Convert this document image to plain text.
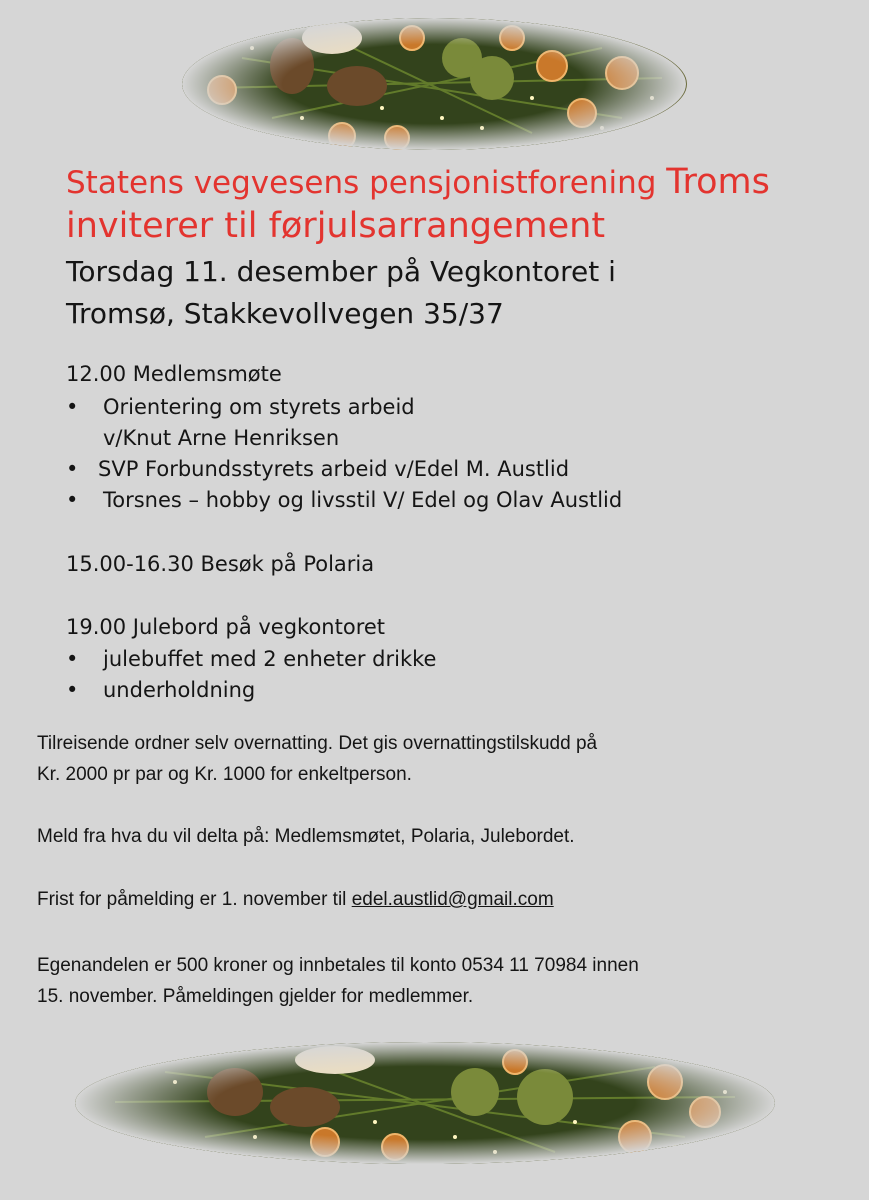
Statens vegvesens pensjonistforening Troms
inviterer til førjulsarrangement
Torsdag 11. desember på Vegkontoret i
Tromsø, Stakkevollvegen 35/37

12.00 Medlemsmøte

• Orientering om styrets arbeid

v/Knut Arne Henriksen

• SVP Forbundsstyrets arbeid v/Edel M. Austlid

• Torsnes – hobby og livsstil V/ Edel og Olav Austlid

15.00-16.30 Besøk på Polaria

19.00 Julebord på vegkontoret

• julebuffet med 2 enheter drikke

• underholdning

Tilreisende ordner selv overnatting. Det gis overnattingstilskudd på

Kr. 2000 pr par og Kr. 1000 for enkeltperson.

Meld fra hva du vil delta på: Medlemsmøtet, Polaria, Julebordet.

Frist for påmelding er 1. november til edel.austlid@gmail.com

Egenandelen er 500 kroner og innbetales til konto 0534 11 70984 innen

15. november. Påmeldingen gjelder for medlemmer.
